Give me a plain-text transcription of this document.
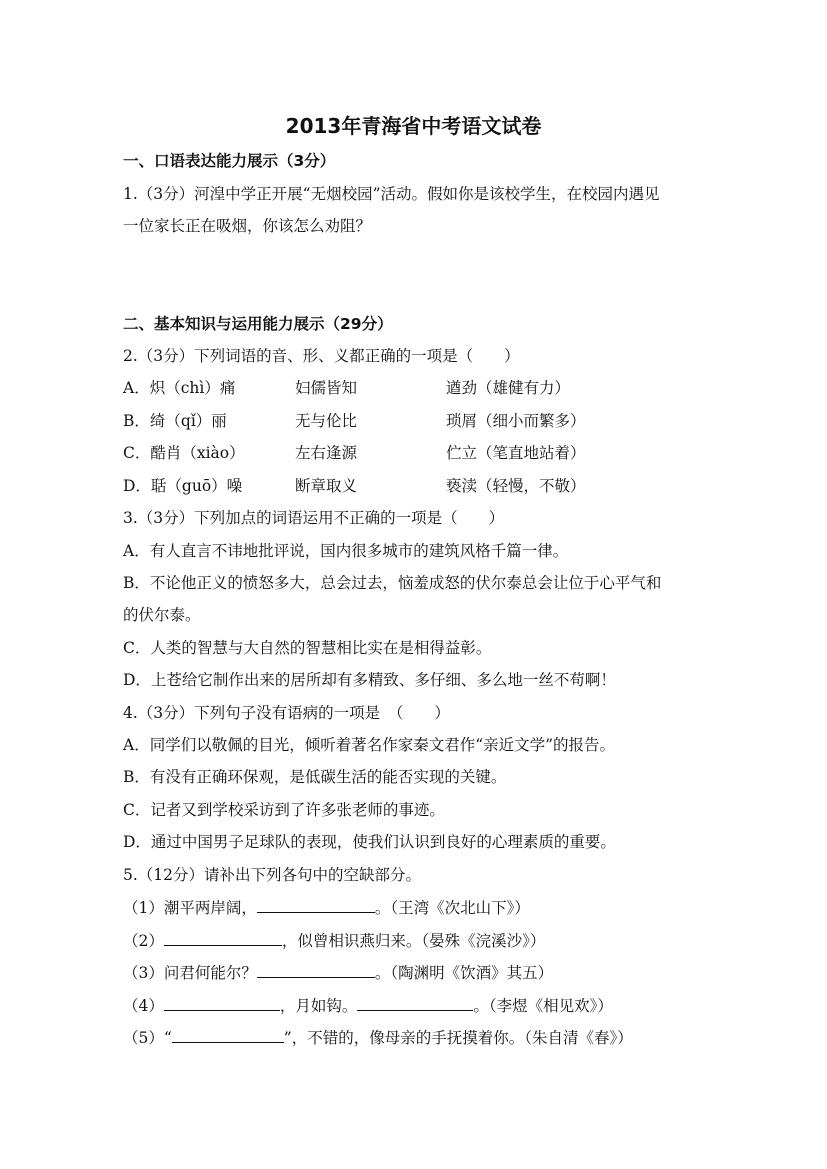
2013年青海省中考语文试卷
一、口语表达能力展示（3分）
1.（3分）河湟中学正开展“无烟校园”活动。假如你是该校学生，在校园内遇见
一位家长正在吸烟，你该怎么劝阻？
二、基本知识与运用能力展示（29分）
2.（3分）下列词语的音、形、义都正确的一项是（　　）
A．炽（chì）痛	妇儒皆知	遒劲（雄健有力）
B．绮（qǐ）丽	无与伦比	琐屑（细小而繁多）
C．酷肖（xiào）	左右逢源	伫立（笔直地站着）
D．聒（guō）噪	断章取义	亵渎（轻慢，不敬）
3.（3分）下列加点的词语运用不正确的一项是（　　）
A．有人直言不讳地批评说，国内很多城市的建筑风格千篇一律。
B．不论他正义的愤怒多大，总会过去，恼羞成怒的伏尔泰总会让位于心平气和
的伏尔泰。
C．人类的智慧与大自然的智慧相比实在是相得益彰。
D．上苍给它制作出来的居所却有多精致、多仔细、多么地一丝不苟啊！
4.（3分）下列句子没有语病的一项是　（　　）
A．同学们以敬佩的目光，倾听着著名作家秦文君作“亲近文学”的报告。
B．有没有正确环保观，是低碳生活的能否实现的关键。
C．记者又到学校采访到了许多张老师的事迹。
D．通过中国男子足球队的表现，使我们认识到良好的心理素质的重要。
5.（12分）请补出下列各句中的空缺部分。
（1）潮平两岸阔，	。（王湾《次北山下》）
（2）	，似曾相识燕归来。（晏殊《浣溪沙》）
（3）问君何能尔？	。（陶渊明《饮酒》其五）
（4）	，月如钩。	。（李煜《相见欢》）
（5）“	”，不错的，像母亲的手抚摸着你。（朱自清《春》）
